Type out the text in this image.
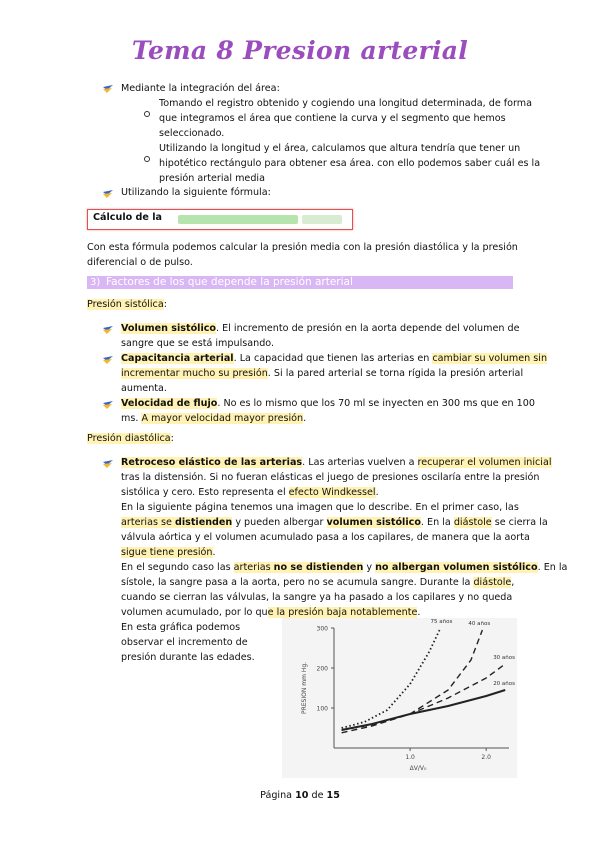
Tema 8 Presion arterial
Mediante la integración del área:
Tomando el registro obtenido y cogiendo una longitud determinada, de forma
que integramos el área que contiene la curva y el segmento que hemos
seleccionado.
Utilizando la longitud y el área, calculamos que altura tendría que tener un
hipotético rectángulo para obtener esa área. con ello podemos saber cuál es la
presión arterial media
Utilizando la siguiente fórmula:
Cálculo de la
Con esta fórmula podemos calcular la presión media con la presión diastólica y la presión
diferencial o de pulso.
3) Factores de los que depende la presión arterial
Presión sistólica:
Volumen sistólico. El incremento de presión en la aorta depende del volumen de
sangre que se está impulsando.
Capacitancia arterial. La capacidad que tienen las arterias en cambiar su volumen sin
incrementar mucho su presión. Si la pared arterial se torna rígida la presión arterial
aumenta.
Velocidad de flujo. No es lo mismo que los 70 ml se inyecten en 300 ms que en 100
ms. A mayor velocidad mayor presión.
Presión diastólica:
Retroceso elástico de las arterias. Las arterias vuelven a recuperar el volumen inicial
tras la distensión. Si no fueran elásticas el juego de presiones oscilaría entre la presión
sistólica y cero. Esto representa el efecto Windkessel.
En la siguiente página tenemos una imagen que lo describe. En el primer caso, las
arterias se distienden y pueden albergar volumen sistólico. En la diástole se cierra la
válvula aórtica y el volumen acumulado pasa a los capilares, de manera que la aorta
sigue tiene presión.
En el segundo caso las arterias no se distienden y no albergan volumen sistólico. En la
sístole, la sangre pasa a la aorta, pero no se acumula sangre. Durante la diástole,
cuando se cierran las válvulas, la sangre ya ha pasado a los capilares y no queda
volumen acumulado, por lo que la presión baja notablemente.
En esta gráfica podemos
observar el incremento de
presión durante las edades.
100
200
300
1.0	2.0
ΔV/V₀
PRESION mm Hg.
75 años	40 años
30 años
20 años
Página 10 de 15
